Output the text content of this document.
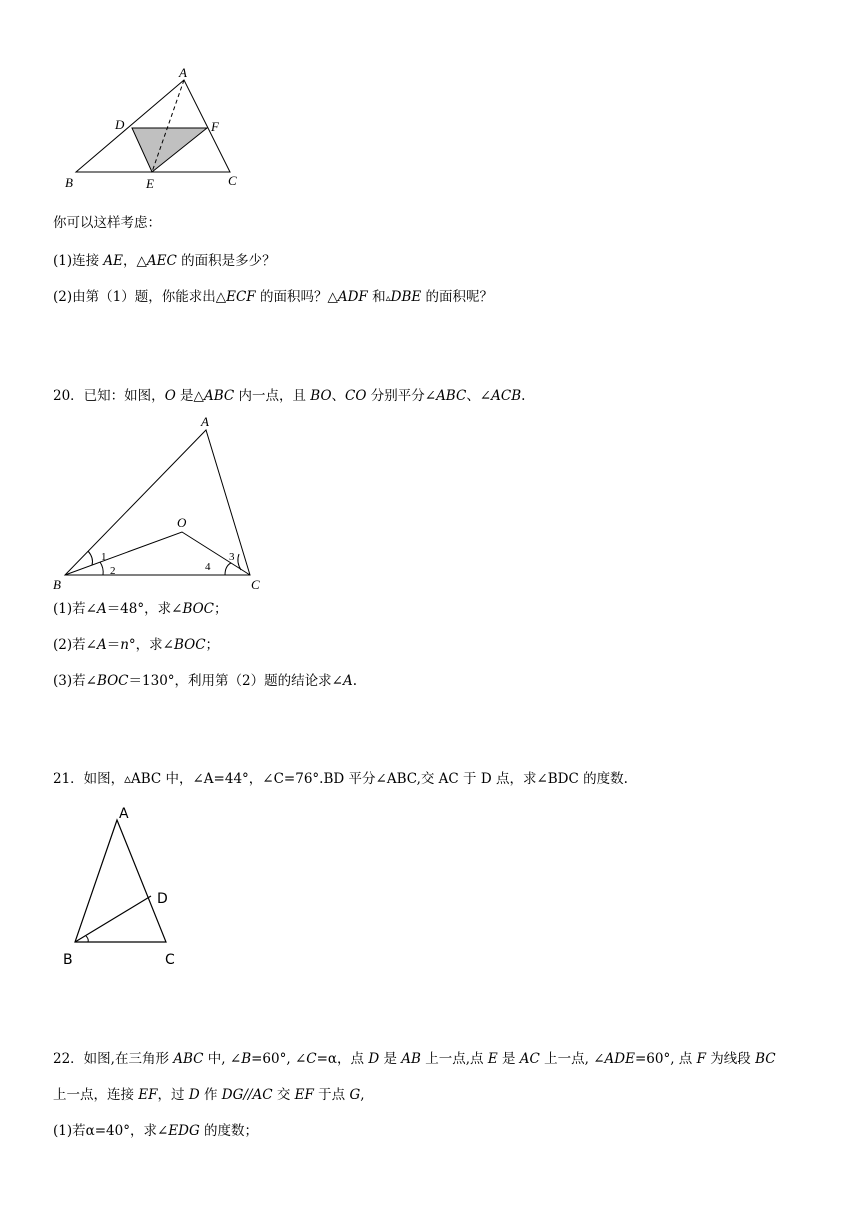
A
D	F
B	E	C
你可以这样考虑：
(1)连接 AE，△AEC 的面积是多少？
(2)由第（1）题，你能求出△ECF 的面积吗？△ADF 和▵DBE 的面积呢？
20．已知：如图，O 是△ABC 内一点，且 BO、CO 分别平分∠ABC、∠ACB.
A
O
B	C
1
2
3
4
(1)若∠A＝48°，求∠BOC；
(2)若∠A＝n°，求∠BOC；
(3)若∠BOC＝130°，利用第（2）题的结论求∠A.
21．如图，▵ABC 中，∠A=44°，∠C=76°.BD 平分∠ABC,交 AC 于 D 点，求∠BDC 的度数.
A
D
B	C
22．如图,在三角形 ABC 中, ∠B=60°, ∠C=α，点 D 是 AB 上一点,点 E 是 AC 上一点, ∠ADE=60°, 点 F 为线段 BC
上一点，连接 EF，过 D 作 DG//AC 交 EF 于点 G,
(1)若α=40°，求∠EDG 的度数；
